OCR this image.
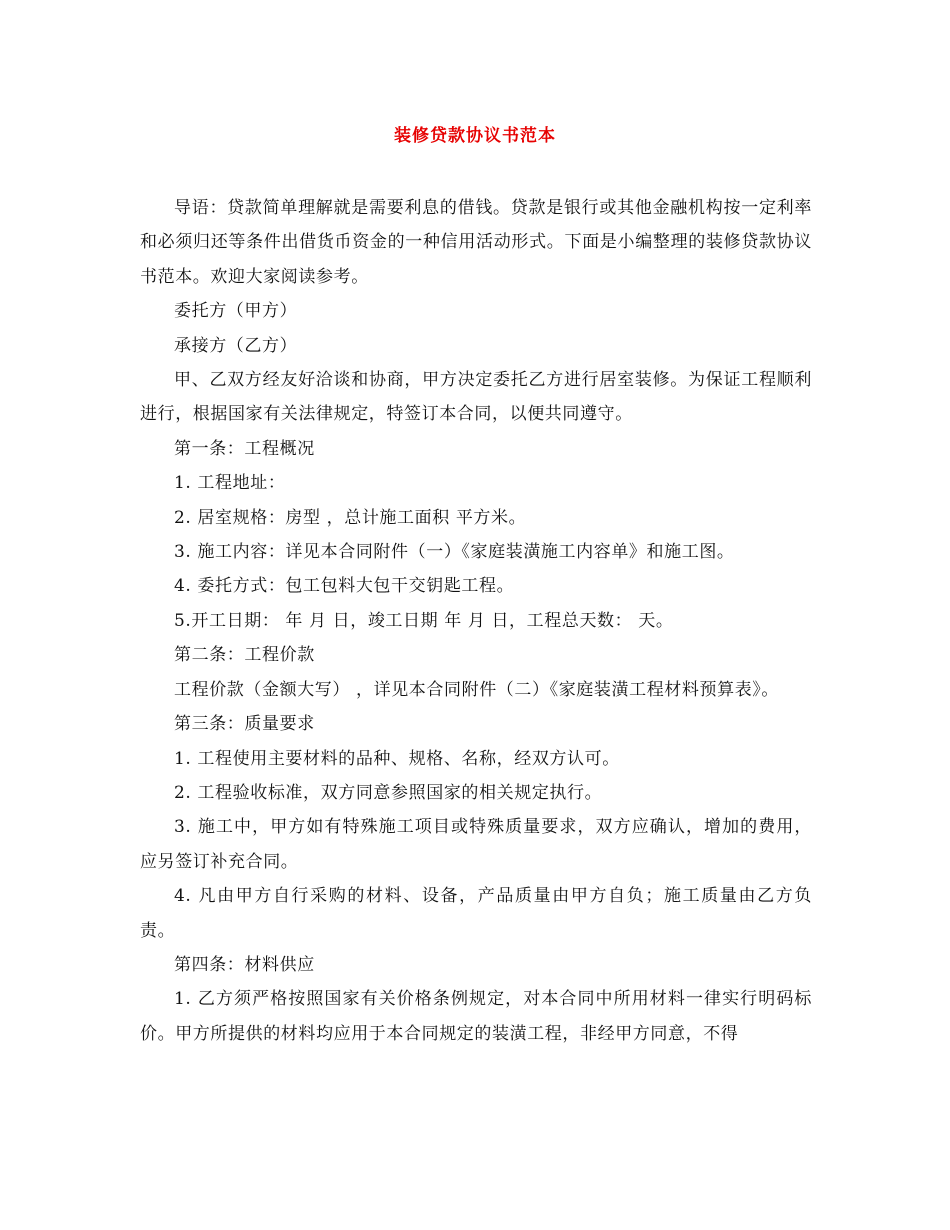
装修贷款协议书范本

导语：贷款简单理解就是需要利息的借钱。贷款是银行或其他金融机构按一定利率和必须归还等条件出借货币资金的一种信用活动形式。下面是小编整理的装修贷款协议书范本。欢迎大家阅读参考。

委托方（甲方）

承接方（乙方）

甲、乙双方经友好洽谈和协商，甲方决定委托乙方进行居室装修。为保证工程顺利进行，根据国家有关法律规定，特签订本合同，以便共同遵守。

第一条：工程概况

1. 工程地址：

2. 居室规格：房型 ，总计施工面积 平方米。

3. 施工内容：详见本合同附件（一）《家庭装潢施工内容单》和施工图。

4. 委托方式：包工包料大包干交钥匙工程。

5.开工日期： 年 月 日，竣工日期 年 月 日，工程总天数： 天。

第二条：工程价款

工程价款（金额大写） ，详见本合同附件（二）《家庭装潢工程材料预算表》。

第三条：质量要求

1. 工程使用主要材料的品种、规格、名称，经双方认可。

2. 工程验收标准，双方同意参照国家的相关规定执行。

3. 施工中，甲方如有特殊施工项目或特殊质量要求，双方应确认，增加的费用，应另签订补充合同。

4. 凡由甲方自行采购的材料、设备，产品质量由甲方自负；施工质量由乙方负责。

第四条：材料供应

1. 乙方须严格按照国家有关价格条例规定，对本合同中所用材料一律实行明码标价。甲方所提供的材料均应用于本合同规定的装潢工程，非经甲方同意，不得
